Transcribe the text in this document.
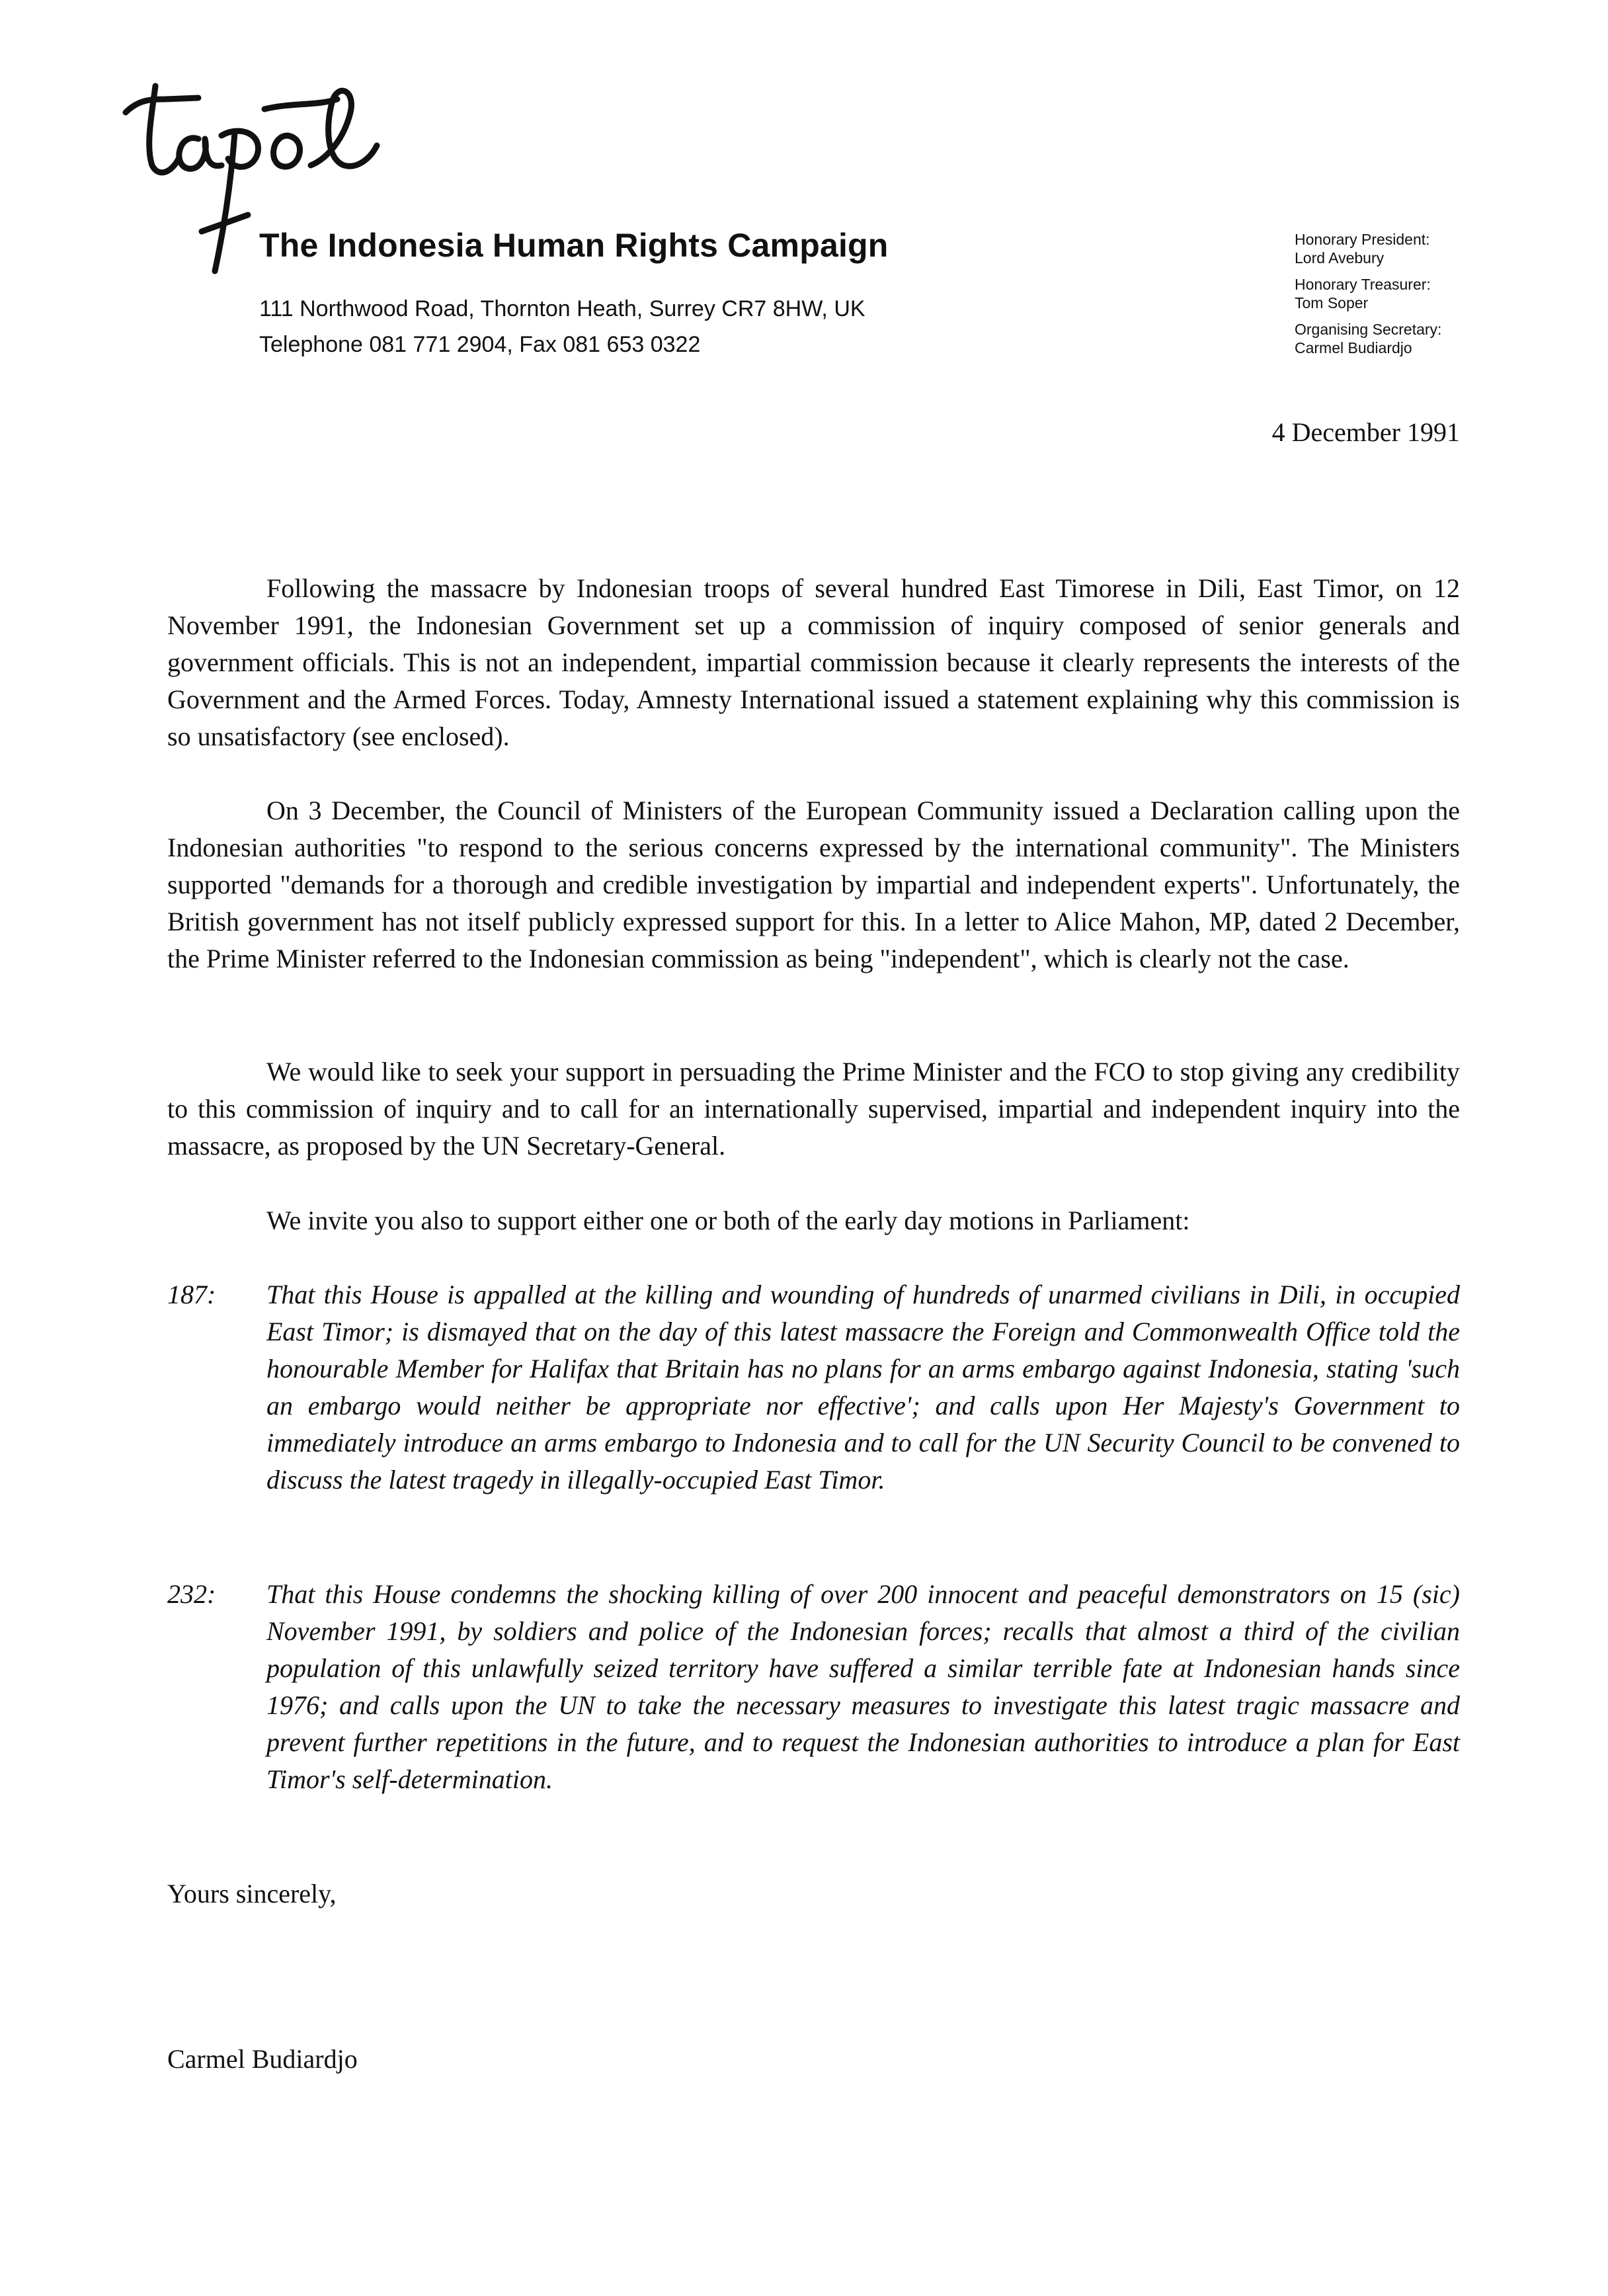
The Indonesia Human Rights Campaign
111 Northwood Road, Thornton Heath, Surrey CR7 8HW, UK
Telephone 081 771 2904, Fax 081 653 0322
Honorary President:
Lord Avebury
Honorary Treasurer:
Tom Soper
Organising Secretary:
Carmel Budiardjo
4 December 1991

Following the massacre by Indonesian troops of several hundred East Timorese in Dili, East Timor, on 12 November 1991, the Indonesian Government set up a commission of inquiry composed of senior generals and government officials. This is not an independent, impartial commission because it clearly represents the interests of the Government and the Armed Forces. Today, Amnesty International issued a statement explaining why this commission is so unsatisfactory (see enclosed).

On 3 December, the Council of Ministers of the European Community issued a Declaration calling upon the Indonesian authorities "to respond to the serious concerns expressed by the international community". The Ministers supported "demands for a thorough and credible investigation by impartial and independent experts". Unfortunately, the British government has not itself publicly expressed support for this. In a letter to Alice Mahon, MP, dated 2 December, the Prime Minister referred to the Indonesian commission as being "independent", which is clearly not the case.

We would like to seek your support in persuading the Prime Minister and the FCO to stop giving any credibility to this commission of inquiry and to call for an internationally supervised, impartial and independent inquiry into the massacre, as proposed by the UN Secretary-General.

We invite you also to support either one or both of the early day motions in Parliament:

187: That this House is appalled at the killing and wounding of hundreds of unarmed civilians in Dili, in occupied East Timor; is dismayed that on the day of this latest massacre the Foreign and Commonwealth Office told the honourable Member for Halifax that Britain has no plans for an arms embargo against Indonesia, stating 'such an embargo would neither be appropriate nor effective'; and calls upon Her Majesty's Government to immediately introduce an arms embargo to Indonesia and to call for the UN Security Council to be convened to discuss the latest tragedy in illegally-occupied East Timor.
232: That this House condemns the shocking killing of over 200 innocent and peaceful demonstrators on 15 (sic) November 1991, by soldiers and police of the Indonesian forces; recalls that almost a third of the civilian population of this unlawfully seized territory have suffered a similar terrible fate at Indonesian hands since 1976; and calls upon the UN to take the necessary measures to investigate this latest tragic massacre and prevent further repetitions in the future, and to request the Indonesian authorities to introduce a plan for East Timor's self-determination.
Yours sincerely,
Carmel Budiardjo
